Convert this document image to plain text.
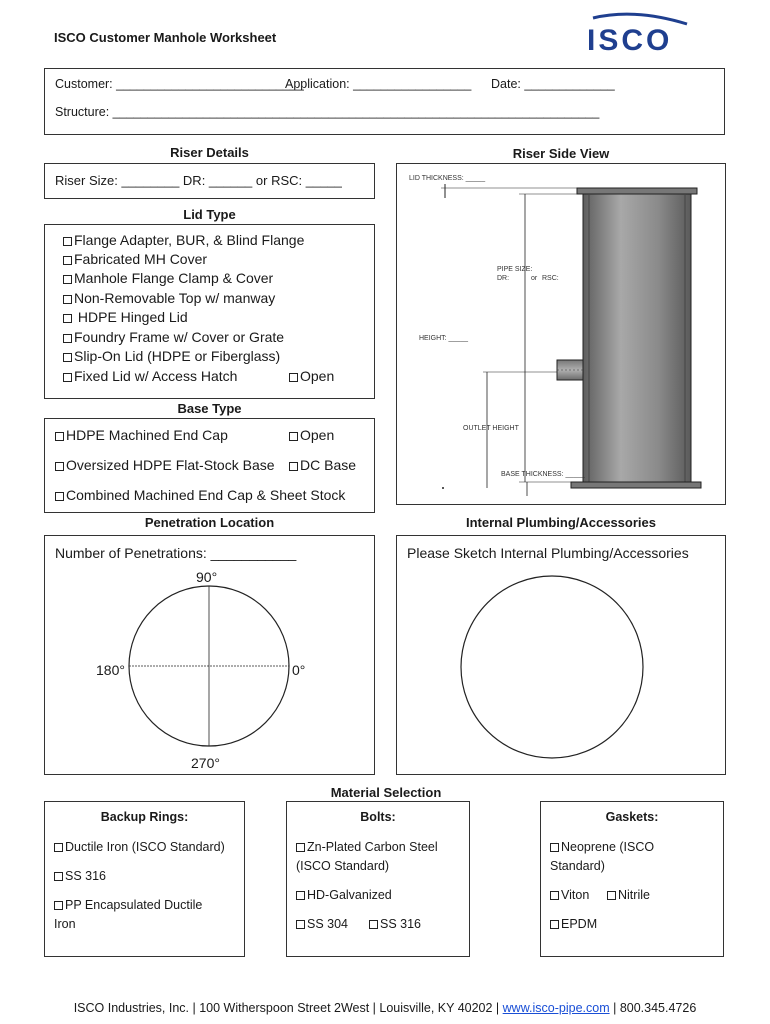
ISCO Customer Manhole Worksheet	ISCO
Customer: ___________________________
Application: _________________ Date: _____________
Structure: ______________________________________________________________________
Riser Details
Riser Size: ________ DR: ______ or RSC: _____
Riser Side View
LID THICKNESS: _____
PIPE SIZE:
DR:	or RSC:
HEIGHT: _____
OUTLET HEIGHT
BASE THICKNESS: _____
Lid Type
Flange Adapter, BUR, & Blind Flange
Fabricated MH Cover
Manhole Flange Clamp & Cover
Non-Removable Top w/ manway
HDPE Hinged Lid
Foundry Frame w/ Cover or Grate
Slip-On Lid (HDPE or Fiberglass)
Fixed Lid w/ Access Hatch	Open
Base Type
HDPE Machined End Cap	Open
Oversized HDPE Flat-Stock Base	DC Base
Combined Machined End Cap & Sheet Stock
Penetration Location
Number of Penetrations: ___________
90°
180°	0°
270°
Internal Plumbing/Accessories
Please Sketch Internal Plumbing/Accessories
Material Selection
Backup Rings:
Ductile Iron (ISCO Standard)
SS 316
PP Encapsulated Ductile
Iron
Bolts:
Zn-Plated Carbon Steel
(ISCO Standard)
HD-Galvanized
SS 304	SS 316
Gaskets:
Neoprene (ISCO
Standard)
Viton	Nitrile
EPDM
ISCO Industries, Inc. | 100 Witherspoon Street 2West | Louisville, KY 40202 | www.isco-pipe.com | 800.345.4726
